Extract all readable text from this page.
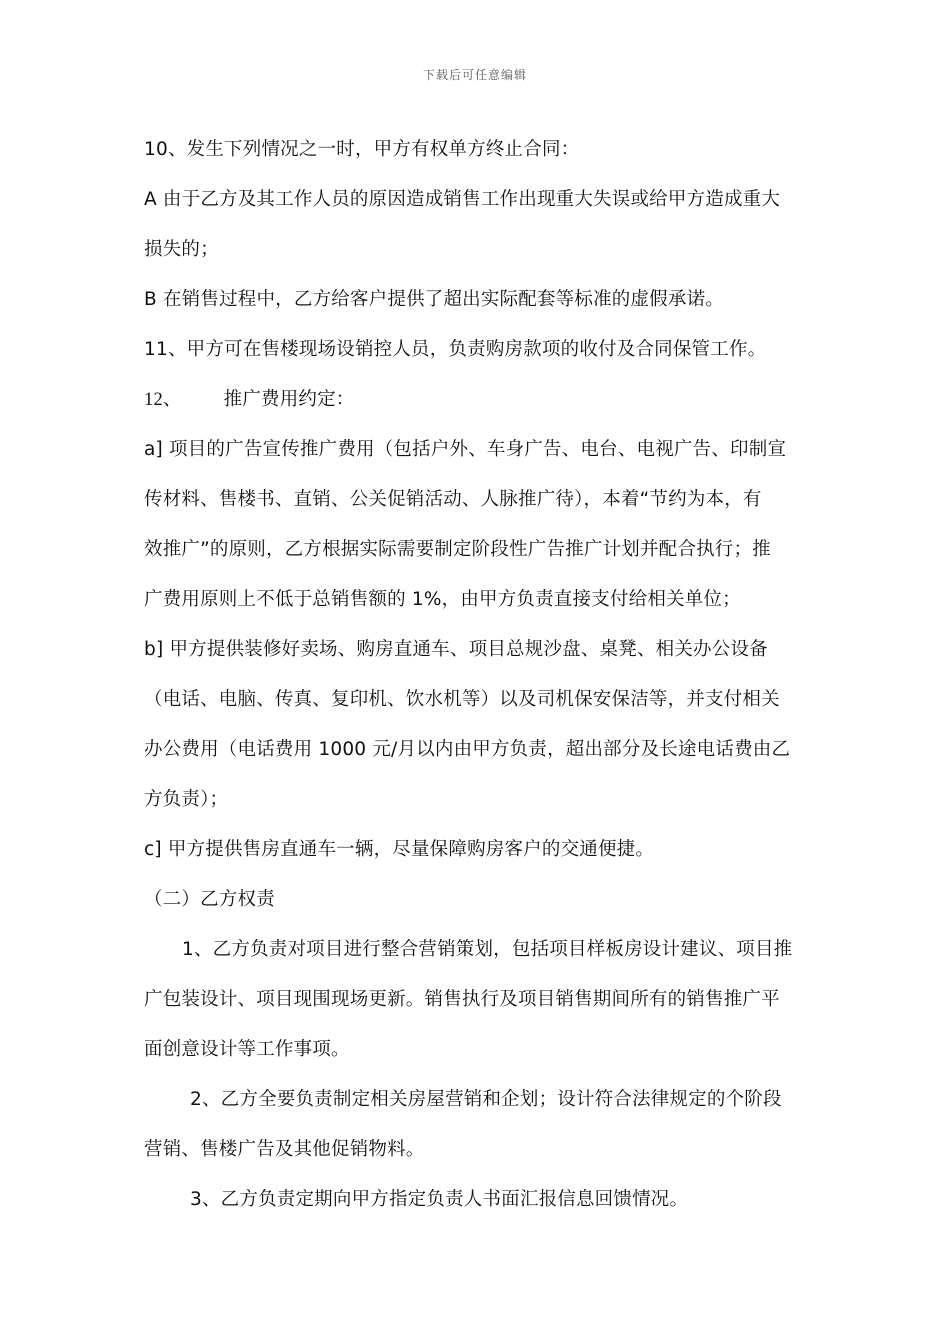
下载后可任意编辑
10、发生下列情况之一时，甲方有权单方终止合同：
A 由于乙方及其工作人员的原因造成销售工作出现重大失误或给甲方造成重大
损失的；
B 在销售过程中，乙方给客户提供了超出实际配套等标准的虚假承诺。
11、甲方可在售楼现场设销控人员，负责购房款项的收付及合同保管工作。
12、 推广费用约定：
a] 项目的广告宣传推广费用（包括户外、车身广告、电台、电视广告、印制宣
传材料、售楼书、直销、公关促销活动、人脉推广待），本着“节约为本，有
效推广”的原则，乙方根据实际需要制定阶段性广告推广计划并配合执行；推
广费用原则上不低于总销售额的 1%，由甲方负责直接支付给相关单位；
b] 甲方提供装修好卖场、购房直通车、项目总规沙盘、桌凳、相关办公设备
（电话、电脑、传真、复印机、饮水机等）以及司机保安保洁等，并支付相关
办公费用（电话费用 1000 元/月以内由甲方负责，超出部分及长途电话费由乙
方负责）；
c] 甲方提供售房直通车一辆，尽量保障购房客户的交通便捷。
（二）乙方权责
1、乙方负责对项目进行整合营销策划，包括项目样板房设计建议、项目推
广包装设计、项目现围现场更新。销售执行及项目销售期间所有的销售推广平
面创意设计等工作事项。
2、乙方全要负责制定相关房屋营销和企划；设计符合法律规定的个阶段
营销、售楼广告及其他促销物料。
3、乙方负责定期向甲方指定负责人书面汇报信息回馈情况。
